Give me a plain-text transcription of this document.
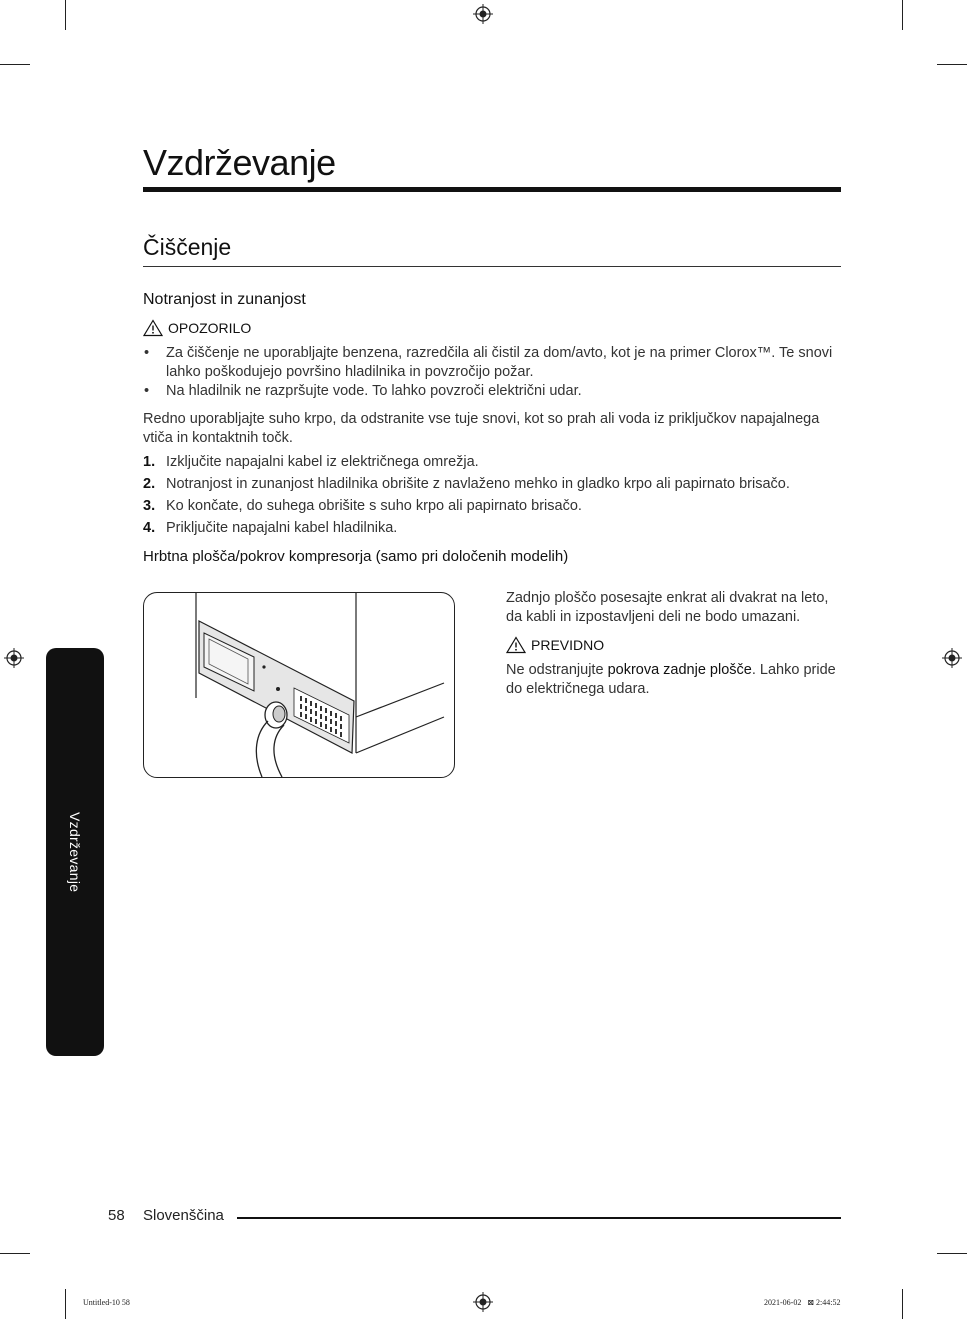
Vzdrževanje
Čiščenje
Notranjost in zunanjost
OPOZORILO
• Za čiščenje ne uporabljajte benzena, razredčila ali čistil za dom/avto, kot je na primer Clorox™. Te snovi lahko poškodujejo površino hladilnika in povzročijo požar.
• Na hladilnik ne razpršujte vode. To lahko povzroči električni udar.
Redno uporabljajte suho krpo, da odstranite vse tuje snovi, kot so prah ali voda iz priključkov napajalnega vtiča in kontaktnih točk.
1. Izključite napajalni kabel iz električnega omrežja.
2. Notranjost in zunanjost hladilnika obrišite z navlaženo mehko in gladko krpo ali papirnato brisačo.
3. Ko končate, do suhega obrišite s suho krpo ali papirnato brisačo.
4. Priključite napajalni kabel hladilnika.
Hrbtna plošča/pokrov kompresorja (samo pri določenih modelih)
Zadnjo ploščo posesajte enkrat ali dvakrat na leto, da kabli in izpostavljeni deli ne bodo umazani.
PREVIDNO
Ne odstranjujte pokrova zadnje plošče. Lahko pride do električnega udara.
Vzdrževanje
58 Slovenščina
Untitled-10 58	2021-06-02 ⊠ 2:44:52
